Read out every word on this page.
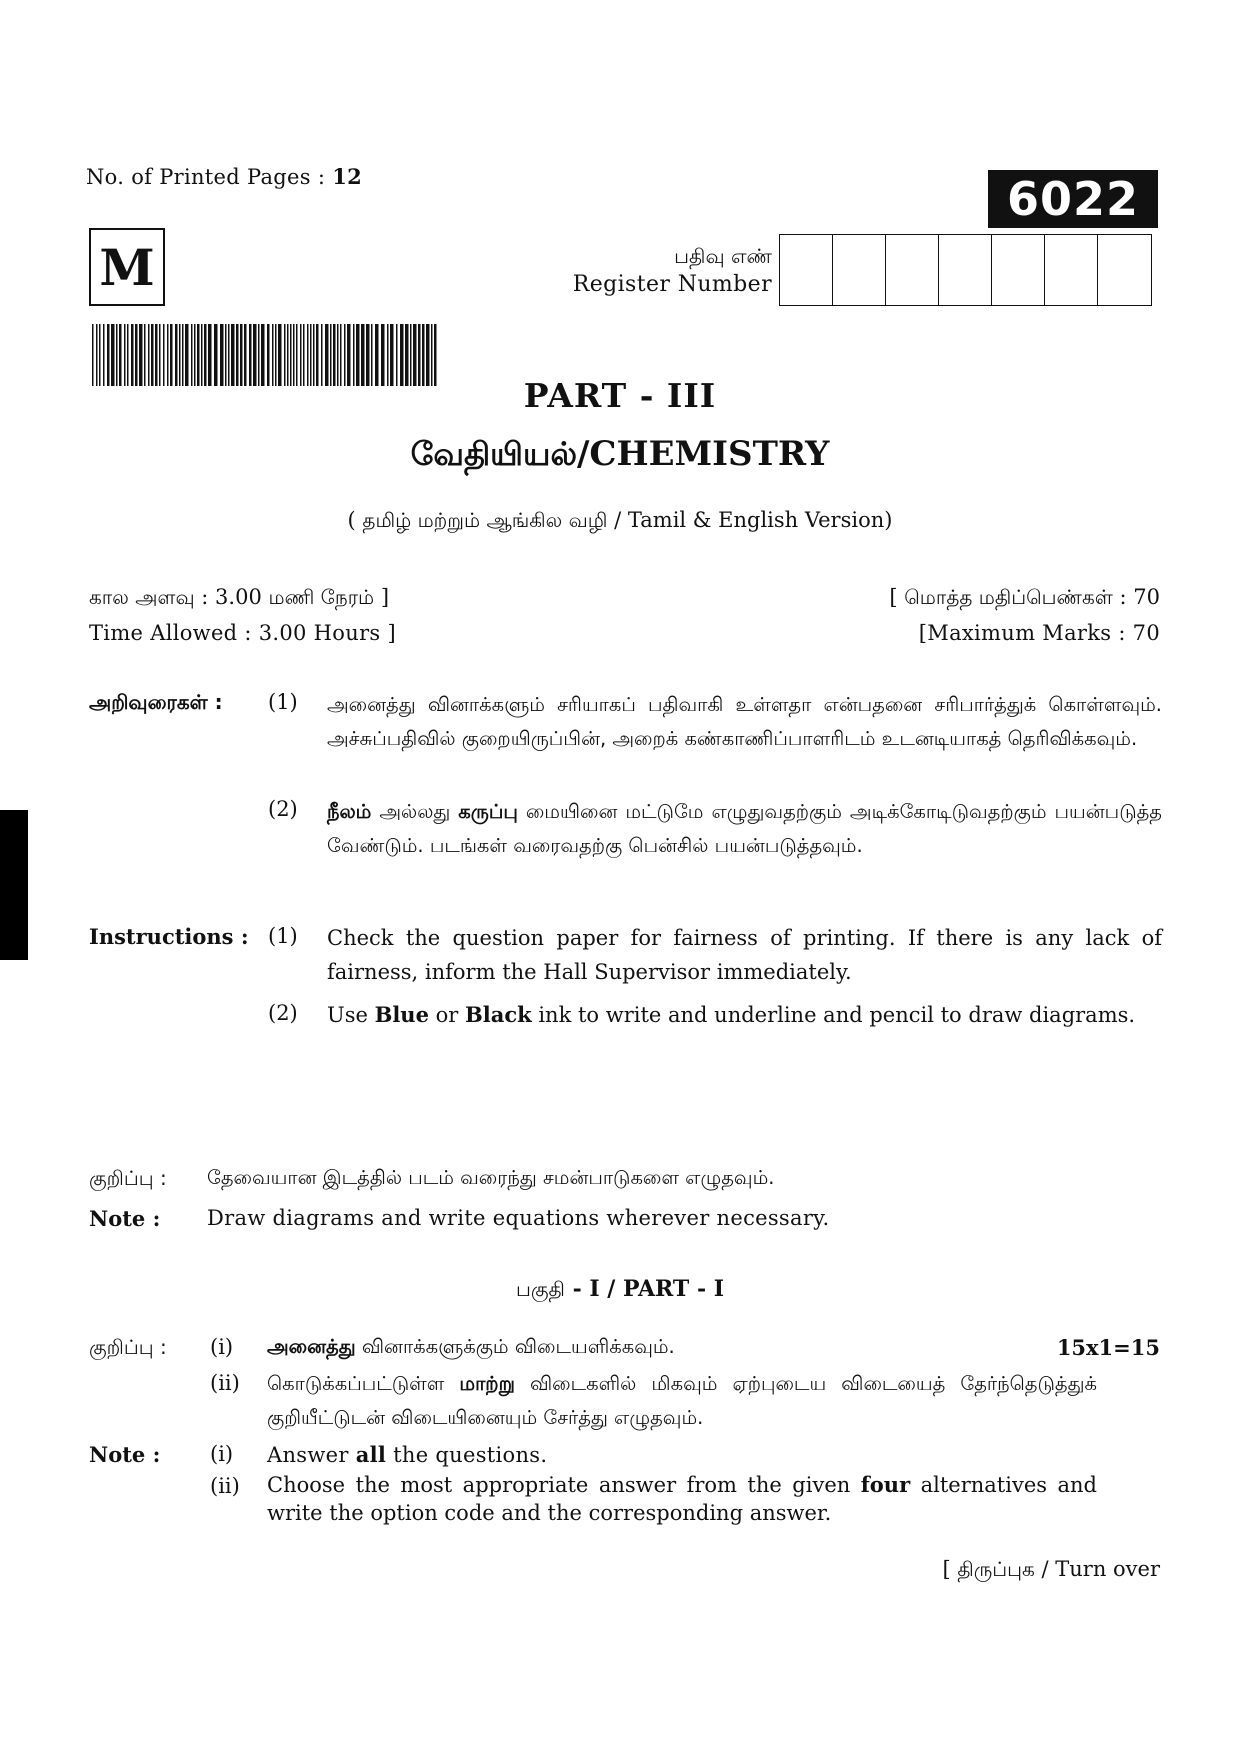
No. of Printed Pages : 12	6022
M	பதிவு எண்
Register Number
PART - III
வேதியியல்/CHEMISTRY
( தமிழ் மற்றும் ஆங்கில வழி / Tamil & English Version)
கால அளவு : 3.00 மணி நேரம் ]
Time Allowed : 3.00 Hours ]
[ மொத்த மதிப்பெண்கள் : 70
[Maximum Marks : 70
அறிவுரைகள் : (1) அனைத்து வினாக்களும் சரியாகப் பதிவாகி உள்ளதா என்பதனை சரிபார்த்துக் கொள்ளவும். அச்சுப்பதிவில் குறையிருப்பின், அறைக் கண்காணிப்பாளரிடம் உடனடியாகத் தெரிவிக்கவும்.
(2) நீலம் அல்லது கருப்பு மையினை மட்டுமே எழுதுவதற்கும் அடிக்கோடிடுவதற்கும் பயன்படுத்த வேண்டும். படங்கள் வரைவதற்கு பென்சில் பயன்படுத்தவும்.
Instructions : (1) Check the question paper for fairness of printing. If there is any lack of fairness, inform the Hall Supervisor immediately.
(2) Use Blue or Black ink to write and underline and pencil to draw diagrams.
குறிப்பு : தேவையான இடத்தில் படம் வரைந்து சமன்பாடுகளை எழுதவும்.
Note : Draw diagrams and write equations wherever necessary.
பகுதி - I / PART - I
குறிப்பு : (i) அனைத்து வினாக்களுக்கும் விடையளிக்கவும்.	15x1=15
(ii) கொடுக்கப்பட்டுள்ள மாற்று விடைகளில் மிகவும் ஏற்புடைய விடையைத் தேர்ந்தெடுத்துக் குறியீட்டுடன் விடையினையும் சேர்த்து எழுதவும்.
Note : (i) Answer all the questions.
(ii) Choose the most appropriate answer from the given four alternatives and write the option code and the corresponding answer.
[ திருப்புக / Turn over
